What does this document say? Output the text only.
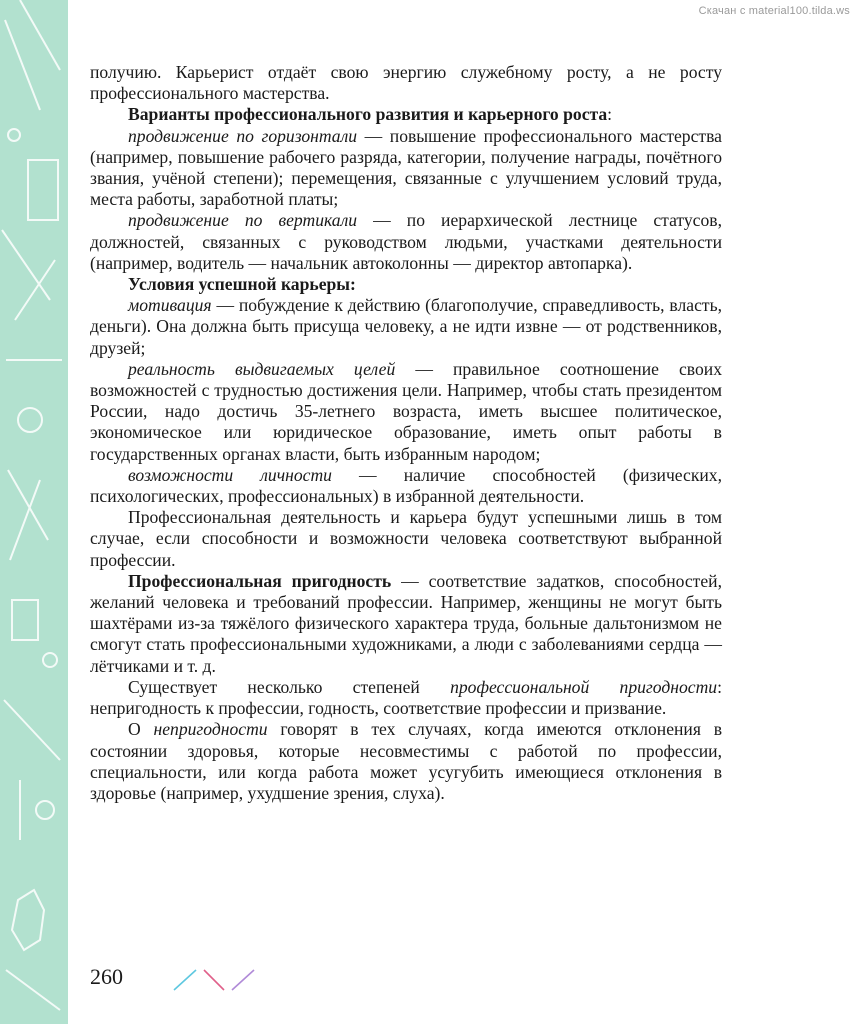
Скачан с material100.tilda.ws

получию. Карьерист отдаёт свою энергию служебному росту, а не росту профессионального мастерства.

Варианты профессионального развития и карьерного роста:

продвижение по горизонтали — повышение профессионального мастерства (например, повышение рабочего разряда, категории, получение награды, почётного звания, учёной степени); перемещения, связанные с улучшением условий труда, места работы, заработной платы;

продвижение по вертикали — по иерархической лестнице статусов, должностей, связанных с руководством людьми, участками деятельности (например, водитель — начальник автоколонны — директор автопарка).

Условия успешной карьеры:

мотивация — побуждение к действию (благополучие, справедливость, власть, деньги). Она должна быть присуща человеку, а не идти извне — от родственников, друзей;

реальность выдвигаемых целей — правильное соотношение своих возможностей с трудностью достижения цели. Например, чтобы стать президентом России, надо достичь 35-летнего возраста, иметь высшее политическое, экономическое или юридическое образование, иметь опыт работы в государственных органах власти, быть избранным народом;

возможности личности — наличие способностей (физических, психологических, профессиональных) в избранной деятельности.

Профессиональная деятельность и карьера будут успешными лишь в том случае, если способности и возможности человека соответствуют выбранной профессии.

Профессиональная пригодность — соответствие задатков, способностей, желаний человека и требований профессии. Например, женщины не могут быть шахтёрами из-за тяжёлого физического характера труда, больные дальтонизмом не смогут стать профессиональными художниками, а люди с заболеваниями сердца — лётчиками и т. д.

Существует несколько степеней профессиональной пригодности: непригодность к профессии, годность, соответствие профессии и призвание.

О непригодности говорят в тех случаях, когда имеются отклонения в состоянии здоровья, которые несовместимы с работой по профессии, специальности, или когда работа может усугубить имеющиеся отклонения в здоровье (например, ухудшение зрения, слуха).

260
